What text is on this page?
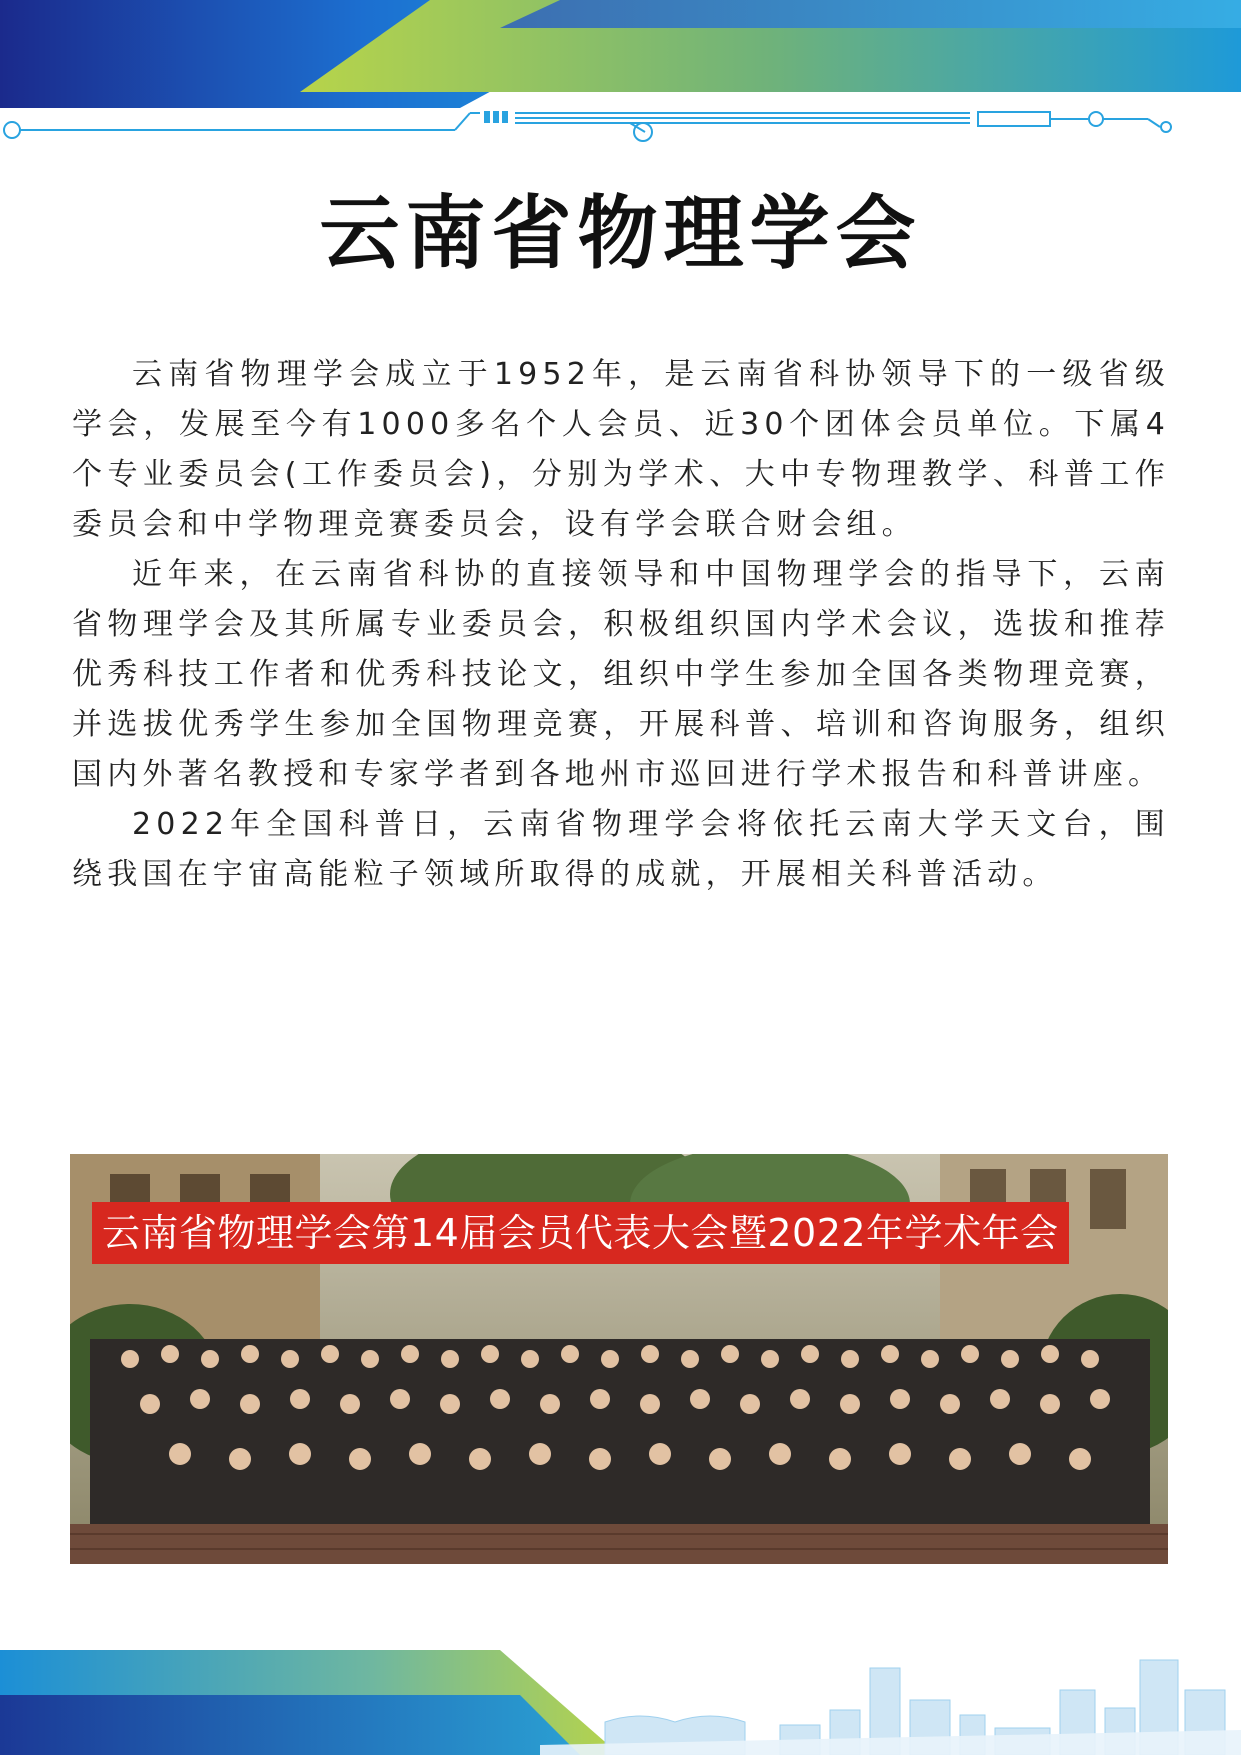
云南省物理学会

云南省物理学会成立于1952年，是云南省科协领导下的一级省级学会，发展至今有1000多名个人会员、近30个团体会员单位。下属4个专业委员会(工作委员会)，分别为学术、大中专物理教学、科普工作委员会和中学物理竞赛委员会，设有学会联合财会组。

近年来，在云南省科协的直接领导和中国物理学会的指导下，云南省物理学会及其所属专业委员会，积极组织国内学术会议，选拔和推荐优秀科技工作者和优秀科技论文，组织中学生参加全国各类物理竞赛，并选拔优秀学生参加全国物理竞赛，开展科普、培训和咨询服务，组织国内外著名教授和专家学者到各地州市巡回进行学术报告和科普讲座。

2022年全国科普日，云南省物理学会将依托云南大学天文台，围绕我国在宇宙高能粒子领域所取得的成就，开展相关科普活动。

云南省物理学会第14届会员代表大会暨2022年学术年会
